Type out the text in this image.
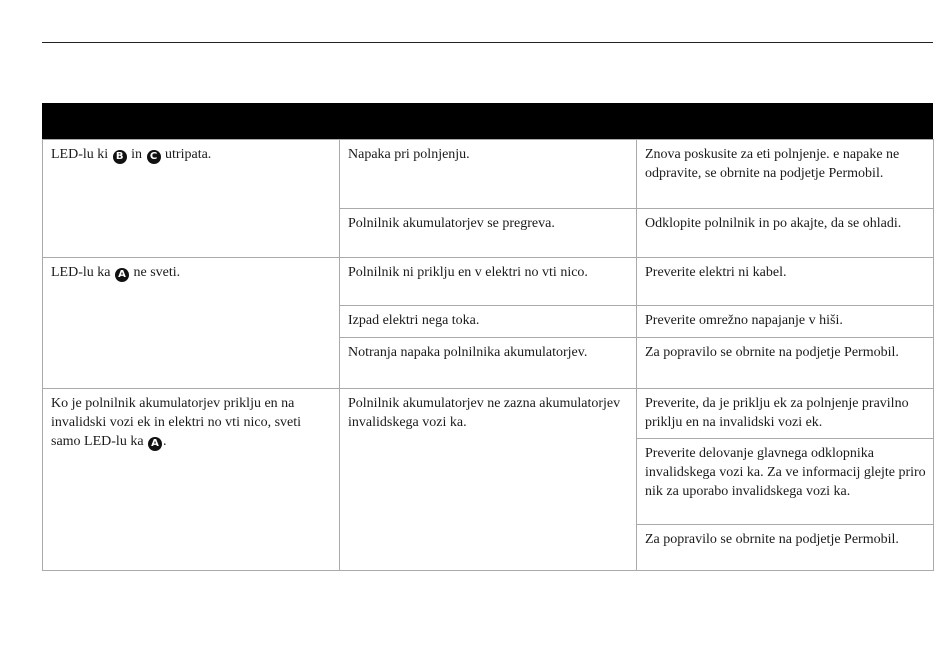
LED-lu ki B in C utripata.	Napaka pri polnjenju.	Znova poskusite za eti polnjenje. e napake ne odpravite, se obrnite na podjetje Permobil.
	Polnilnik akumulatorjev se pregreva.	Odklopite polnilnik in po akajte, da se ohladi.
LED-lu ka A ne sveti.	Polnilnik ni priklju en v elektri no vti nico.	Preverite elektri ni kabel.
	Izpad elektri nega toka.	Preverite omrežno napajanje v hiši.
	Notranja napaka polnilnika akumulatorjev.	Za popravilo se obrnite na podjetje Permobil.
Ko je polnilnik akumulatorjev priklju en na invalidski vozi ek in elektri no vti nico, sveti samo LED-lu ka A .	Polnilnik akumulatorjev ne zazna akumulatorjev invalidskega vozi ka.	Preverite, da je priklju ek za polnjenje pravilno priklju en na invalidski vozi ek.
		Preverite delovanje glavnega odklopnika invalidskega vozi ka. Za ve informacij glejte priro nik za uporabo invalidskega vozi ka.
		Za popravilo se obrnite na podjetje Permobil.
